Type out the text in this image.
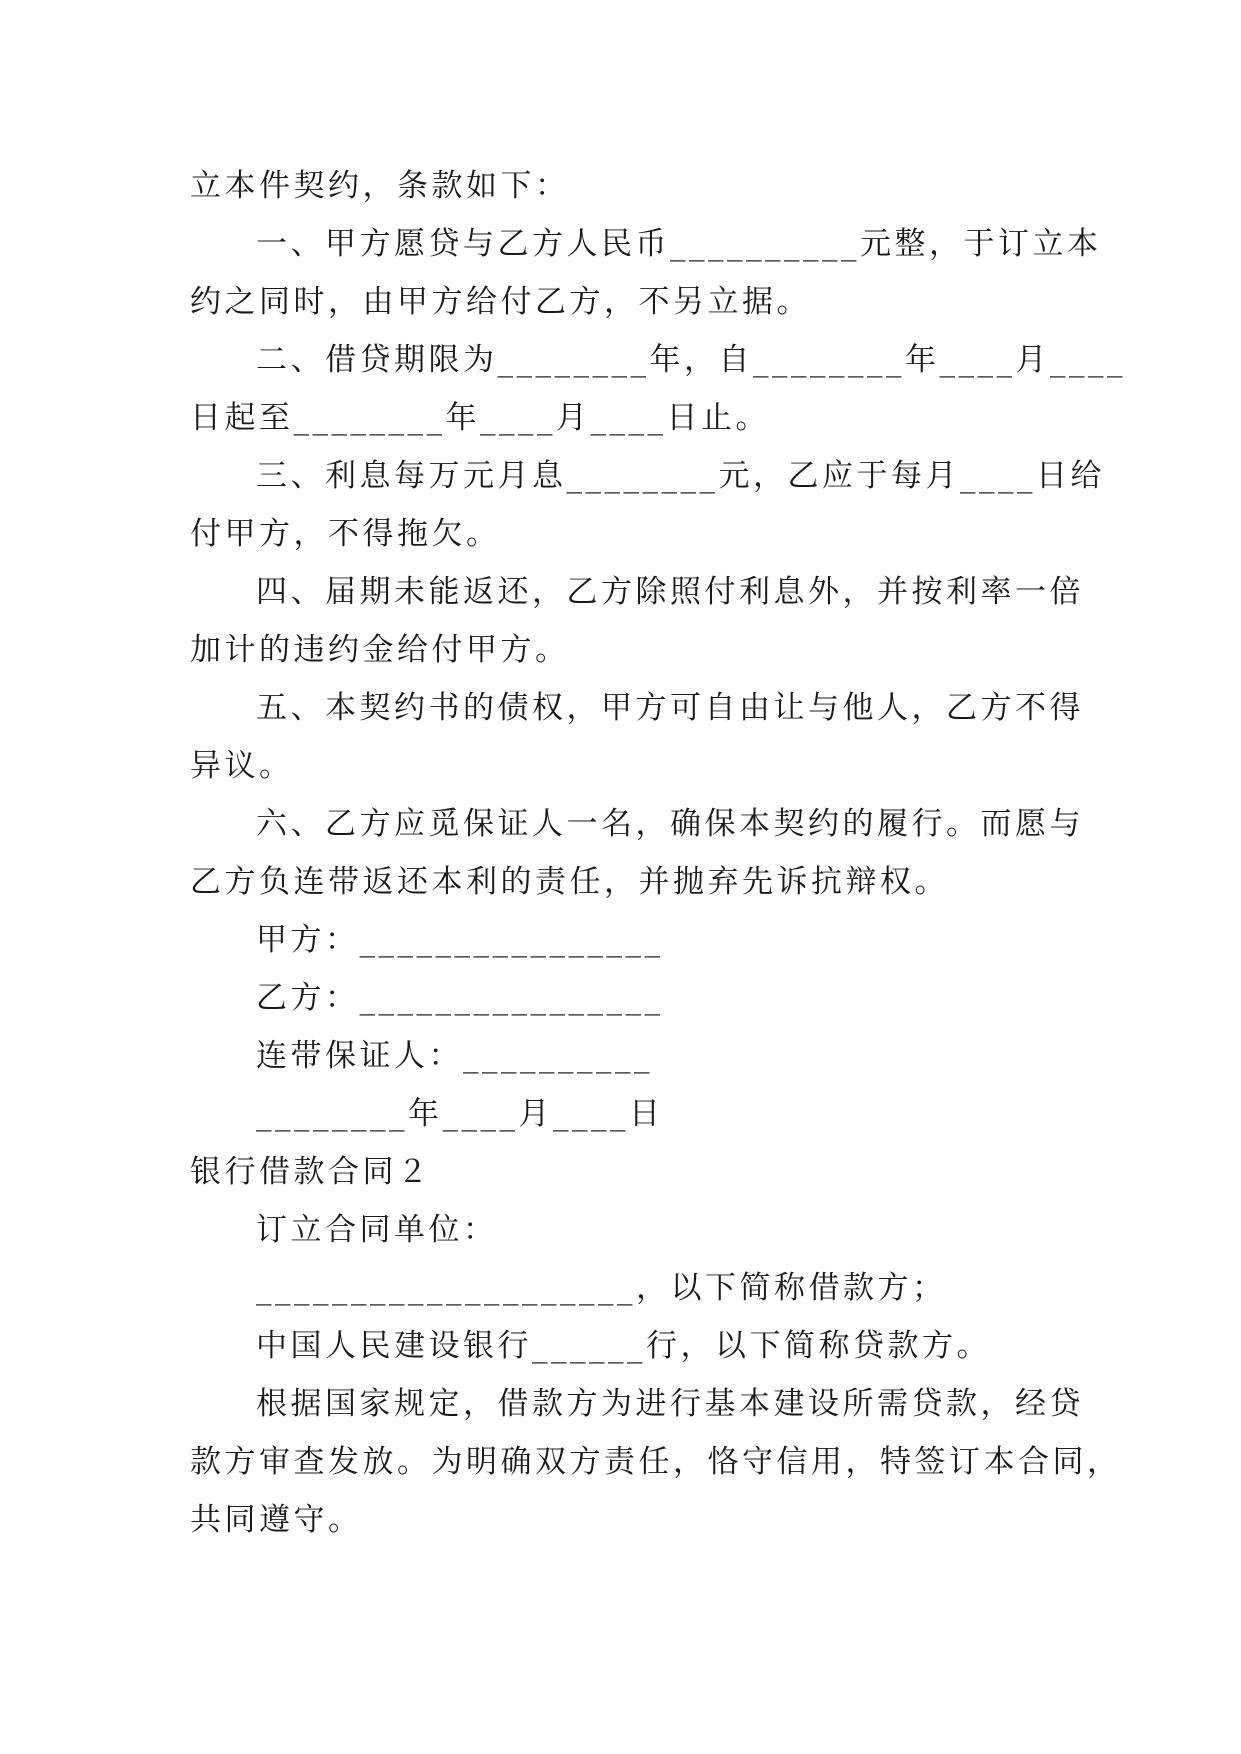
立本件契约，条款如下：
一、甲方愿贷与乙方人民币__________元整，于订立本
约之同时，由甲方给付乙方，不另立据。
二、借贷期限为________年，自________年____月____
日起至________年____月____日止。
三、利息每万元月息________元，乙应于每月____日给
付甲方，不得拖欠。
四、届期未能返还，乙方除照付利息外，并按利率一倍
加计的违约金给付甲方。
五、本契约书的债权，甲方可自由让与他人，乙方不得
异议。
六、乙方应觅保证人一名，确保本契约的履行。而愿与
乙方负连带返还本利的责任，并抛弃先诉抗辩权。
甲方：________________
乙方：________________
连带保证人：__________
________年____月____日
银行借款合同２
订立合同单位：
____________________，以下简称借款方；
中国人民建设银行______行，以下简称贷款方。
根据国家规定，借款方为进行基本建设所需贷款，经贷
款方审查发放。为明确双方责任，恪守信用，特签订本合同，
共同遵守。
